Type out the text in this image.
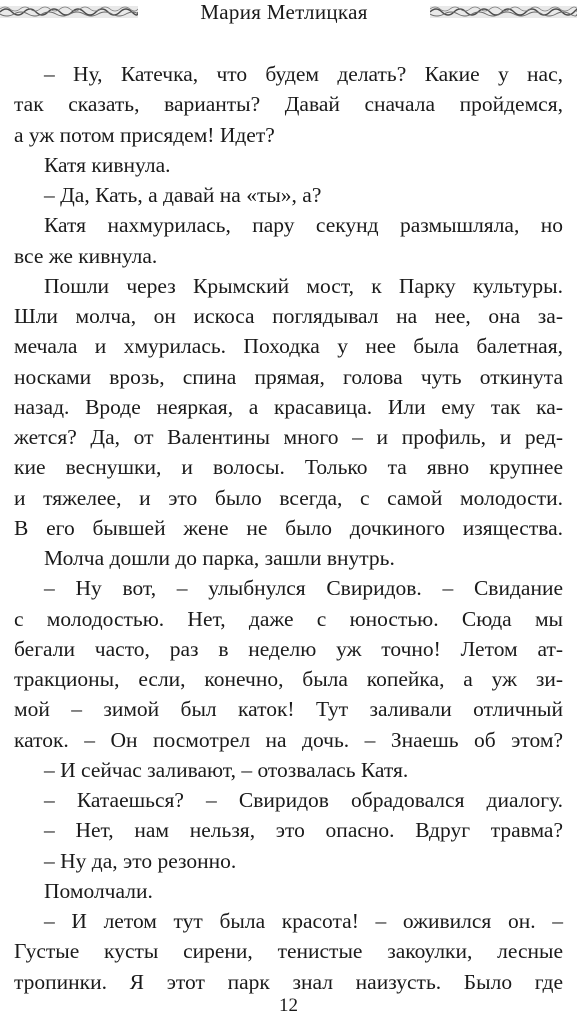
Мария Метлицкая
– Ну, Катечка, что будем делать? Какие у нас,
так сказать, варианты? Давай сначала пройдемся,
а уж потом присядем! Идет?
Катя кивнула.
– Да, Кать, а давай на «ты», а?
Катя нахмурилась, пару секунд размышляла, но
все же кивнула.
Пошли через Крымский мост, к Парку культуры.
Шли молча, он искоса поглядывал на нее, она за-
мечала и хмурилась. Походка у нее была балетная,
носками врозь, спина прямая, голова чуть откинута
назад. Вроде неяркая, а красавица. Или ему так ка-
жется? Да, от Валентины много – и профиль, и ред-
кие веснушки, и волосы. Только та явно крупнее
и тяжелее, и это было всегда, с самой молодости.
В его бывшей жене не было дочкиного изящества.
Молча дошли до парка, зашли внутрь.
– Ну вот, – улыбнулся Свиридов. – Свидание
с молодостью. Нет, даже с юностью. Сюда мы
бегали часто, раз в неделю уж точно! Летом ат-
тракционы, если, конечно, была копейка, а уж зи-
мой – зимой был каток! Тут заливали отличный
каток. – Он посмотрел на дочь. – Знаешь об этом?
– И сейчас заливают, – отозвалась Катя.
– Катаешься? – Свиридов обрадовался диалогу.
– Нет, нам нельзя, это опасно. Вдруг травма?
– Ну да, это резонно.
Помолчали.
– И летом тут была красота! – оживился он. –
Густые кусты сирени, тенистые закоулки, лесные
тропинки. Я этот парк знал наизусть. Было где
12
